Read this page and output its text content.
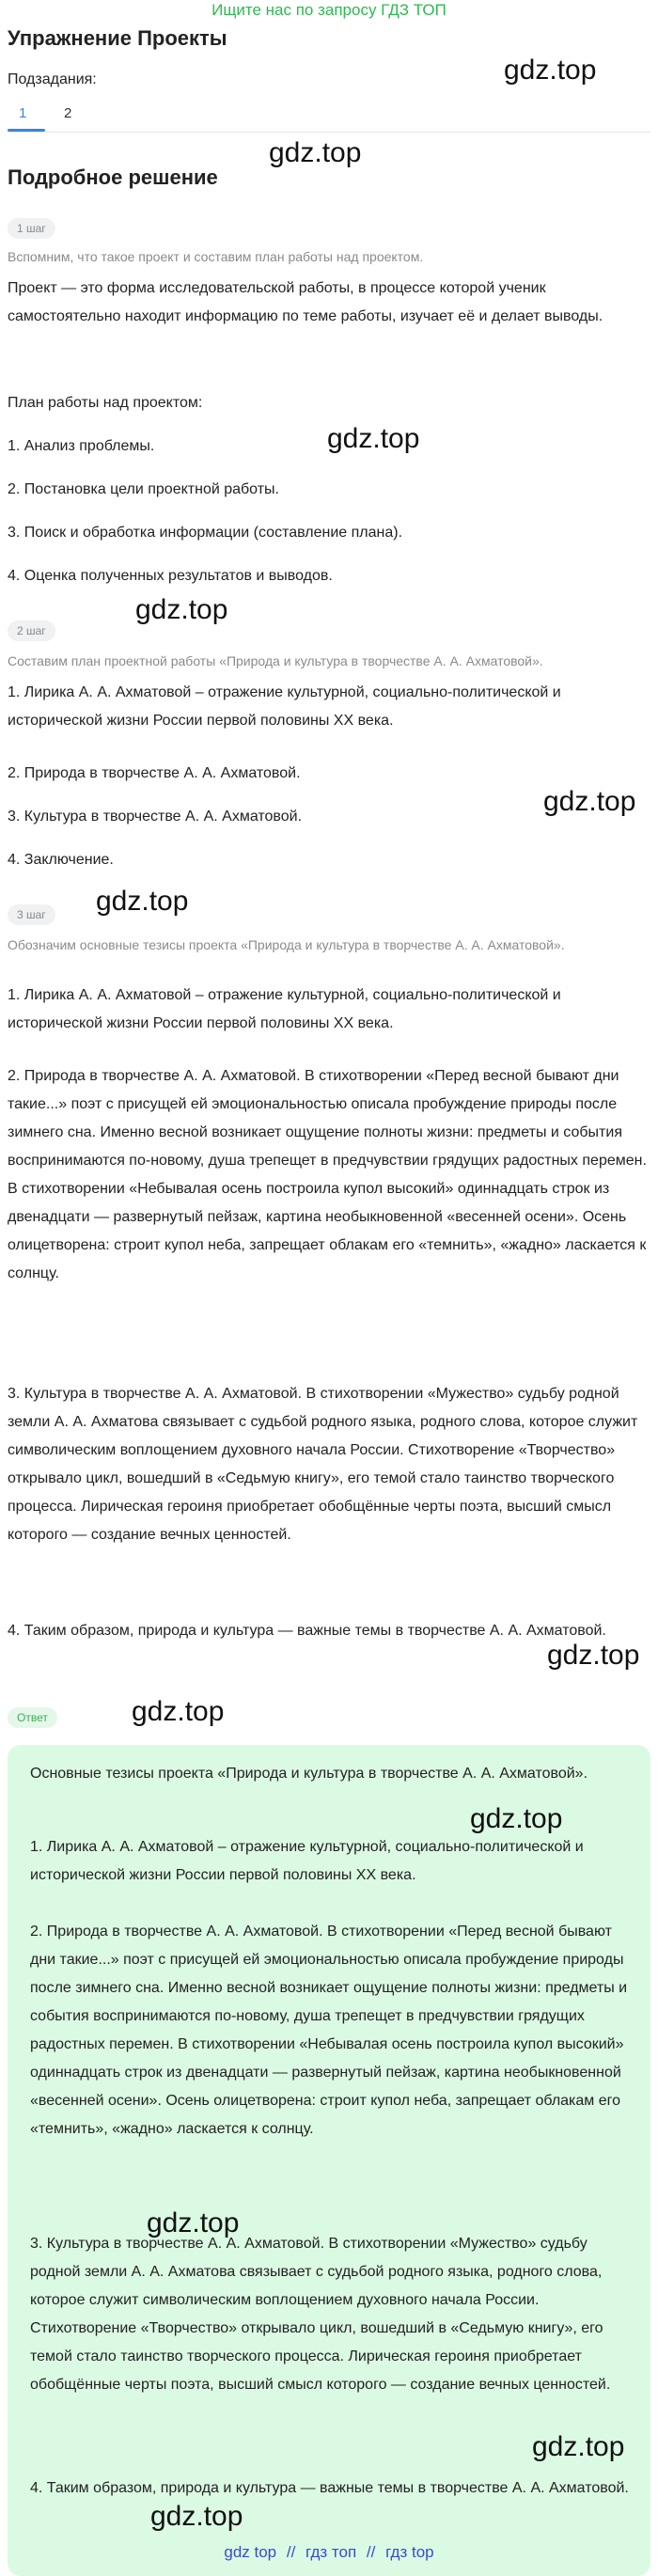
Ищите нас по запросу ГДЗ ТОП
Упражнение Проекты
Подзадания:
1	2
Подробное решение
1 шаг
Вспомним, что такое проект и составим план работы над проектом.
Проект — это форма исследовательской работы, в процессе которой ученик самостоятельно находит информацию по теме работы, изучает её и делает выводы.
План работы над проектом:
1. Анализ проблемы.
2. Постановка цели проектной работы.
3. Поиск и обработка информации (составление плана).
4. Оценка полученных результатов и выводов.
2 шаг
Составим план проектной работы «Природа и культура в творчестве А. А. Ахматовой».
1. Лирика А. А. Ахматовой – отражение культурной, социально-политической и исторической жизни России первой половины XX века.
2. Природа в творчестве А. А. Ахматовой.
3. Культура в творчестве А. А. Ахматовой.
4. Заключение.
3 шаг
Обозначим основные тезисы проекта «Природа и культура в творчестве А. А. Ахматовой».
1. Лирика А. А. Ахматовой – отражение культурной, социально-политической и исторической жизни России первой половины XX века.
2. Природа в творчестве А. А. Ахматовой. В стихотворении «Перед весной бывают дни такие...» поэт с присущей ей эмоциональностью описала пробуждение природы после зимнего сна. Именно весной возникает ощущение полноты жизни: предметы и события воспринимаются по-новому, душа трепещет в предчувствии грядущих радостных перемен. В стихотворении «Небывалая осень построила купол высокий» одиннадцать строк из двенадцати — развернутый пейзаж, картина необыкновенной «весенней осени». Осень олицетворена: строит купол неба, запрещает облакам его «темнить», «жадно» ласкается к солнцу.
3. Культура в творчестве А. А. Ахматовой. В стихотворении «Мужество» судьбу родной земли А. А. Ахматова связывает с судьбой родного языка, родного слова, которое служит символическим воплощением духовного начала России. Стихотворение «Творчество» открывало цикл, вошедший в «Седьмую книгу», его темой стало таинство творческого процесса. Лирическая героиня приобретает обобщённые черты поэта, высший смысл которого — создание вечных ценностей.
4. Таким образом, природа и культура — важные темы в творчестве А. А. Ахматовой.
Ответ
Основные тезисы проекта «Природа и культура в творчестве А. А. Ахматовой».
1. Лирика А. А. Ахматовой – отражение культурной, социально-политической и исторической жизни России первой половины XX века.
2. Природа в творчестве А. А. Ахматовой. В стихотворении «Перед весной бывают дни такие...» поэт с присущей ей эмоциональностью описала пробуждение природы после зимнего сна. Именно весной возникает ощущение полноты жизни: предметы и события воспринимаются по-новому, душа трепещет в предчувствии грядущих радостных перемен. В стихотворении «Небывалая осень построила купол высокий» одиннадцать строк из двенадцати — развернутый пейзаж, картина необыкновенной «весенней осени». Осень олицетворена: строит купол неба, запрещает облакам его «темнить», «жадно» ласкается к солнцу.
3. Культура в творчестве А. А. Ахматовой. В стихотворении «Мужество» судьбу родной земли А. А. Ахматова связывает с судьбой родного языка, родного слова, которое служит символическим воплощением духовного начала России. Стихотворение «Творчество» открывало цикл, вошедший в «Седьмую книгу», его темой стало таинство творческого процесса. Лирическая героиня приобретает обобщённые черты поэта, высший смысл которого — создание вечных ценностей.
4. Таким образом, природа и культура — важные темы в творчестве А. А. Ахматовой.
gdz.top
gdz.top
gdz.top
gdz.top
gdz.top
gdz.top
gdz.top
gdz.top
gdz.top
gdz.top
gdz.top
gdz.top
gdz top // гдз топ // гдз top
